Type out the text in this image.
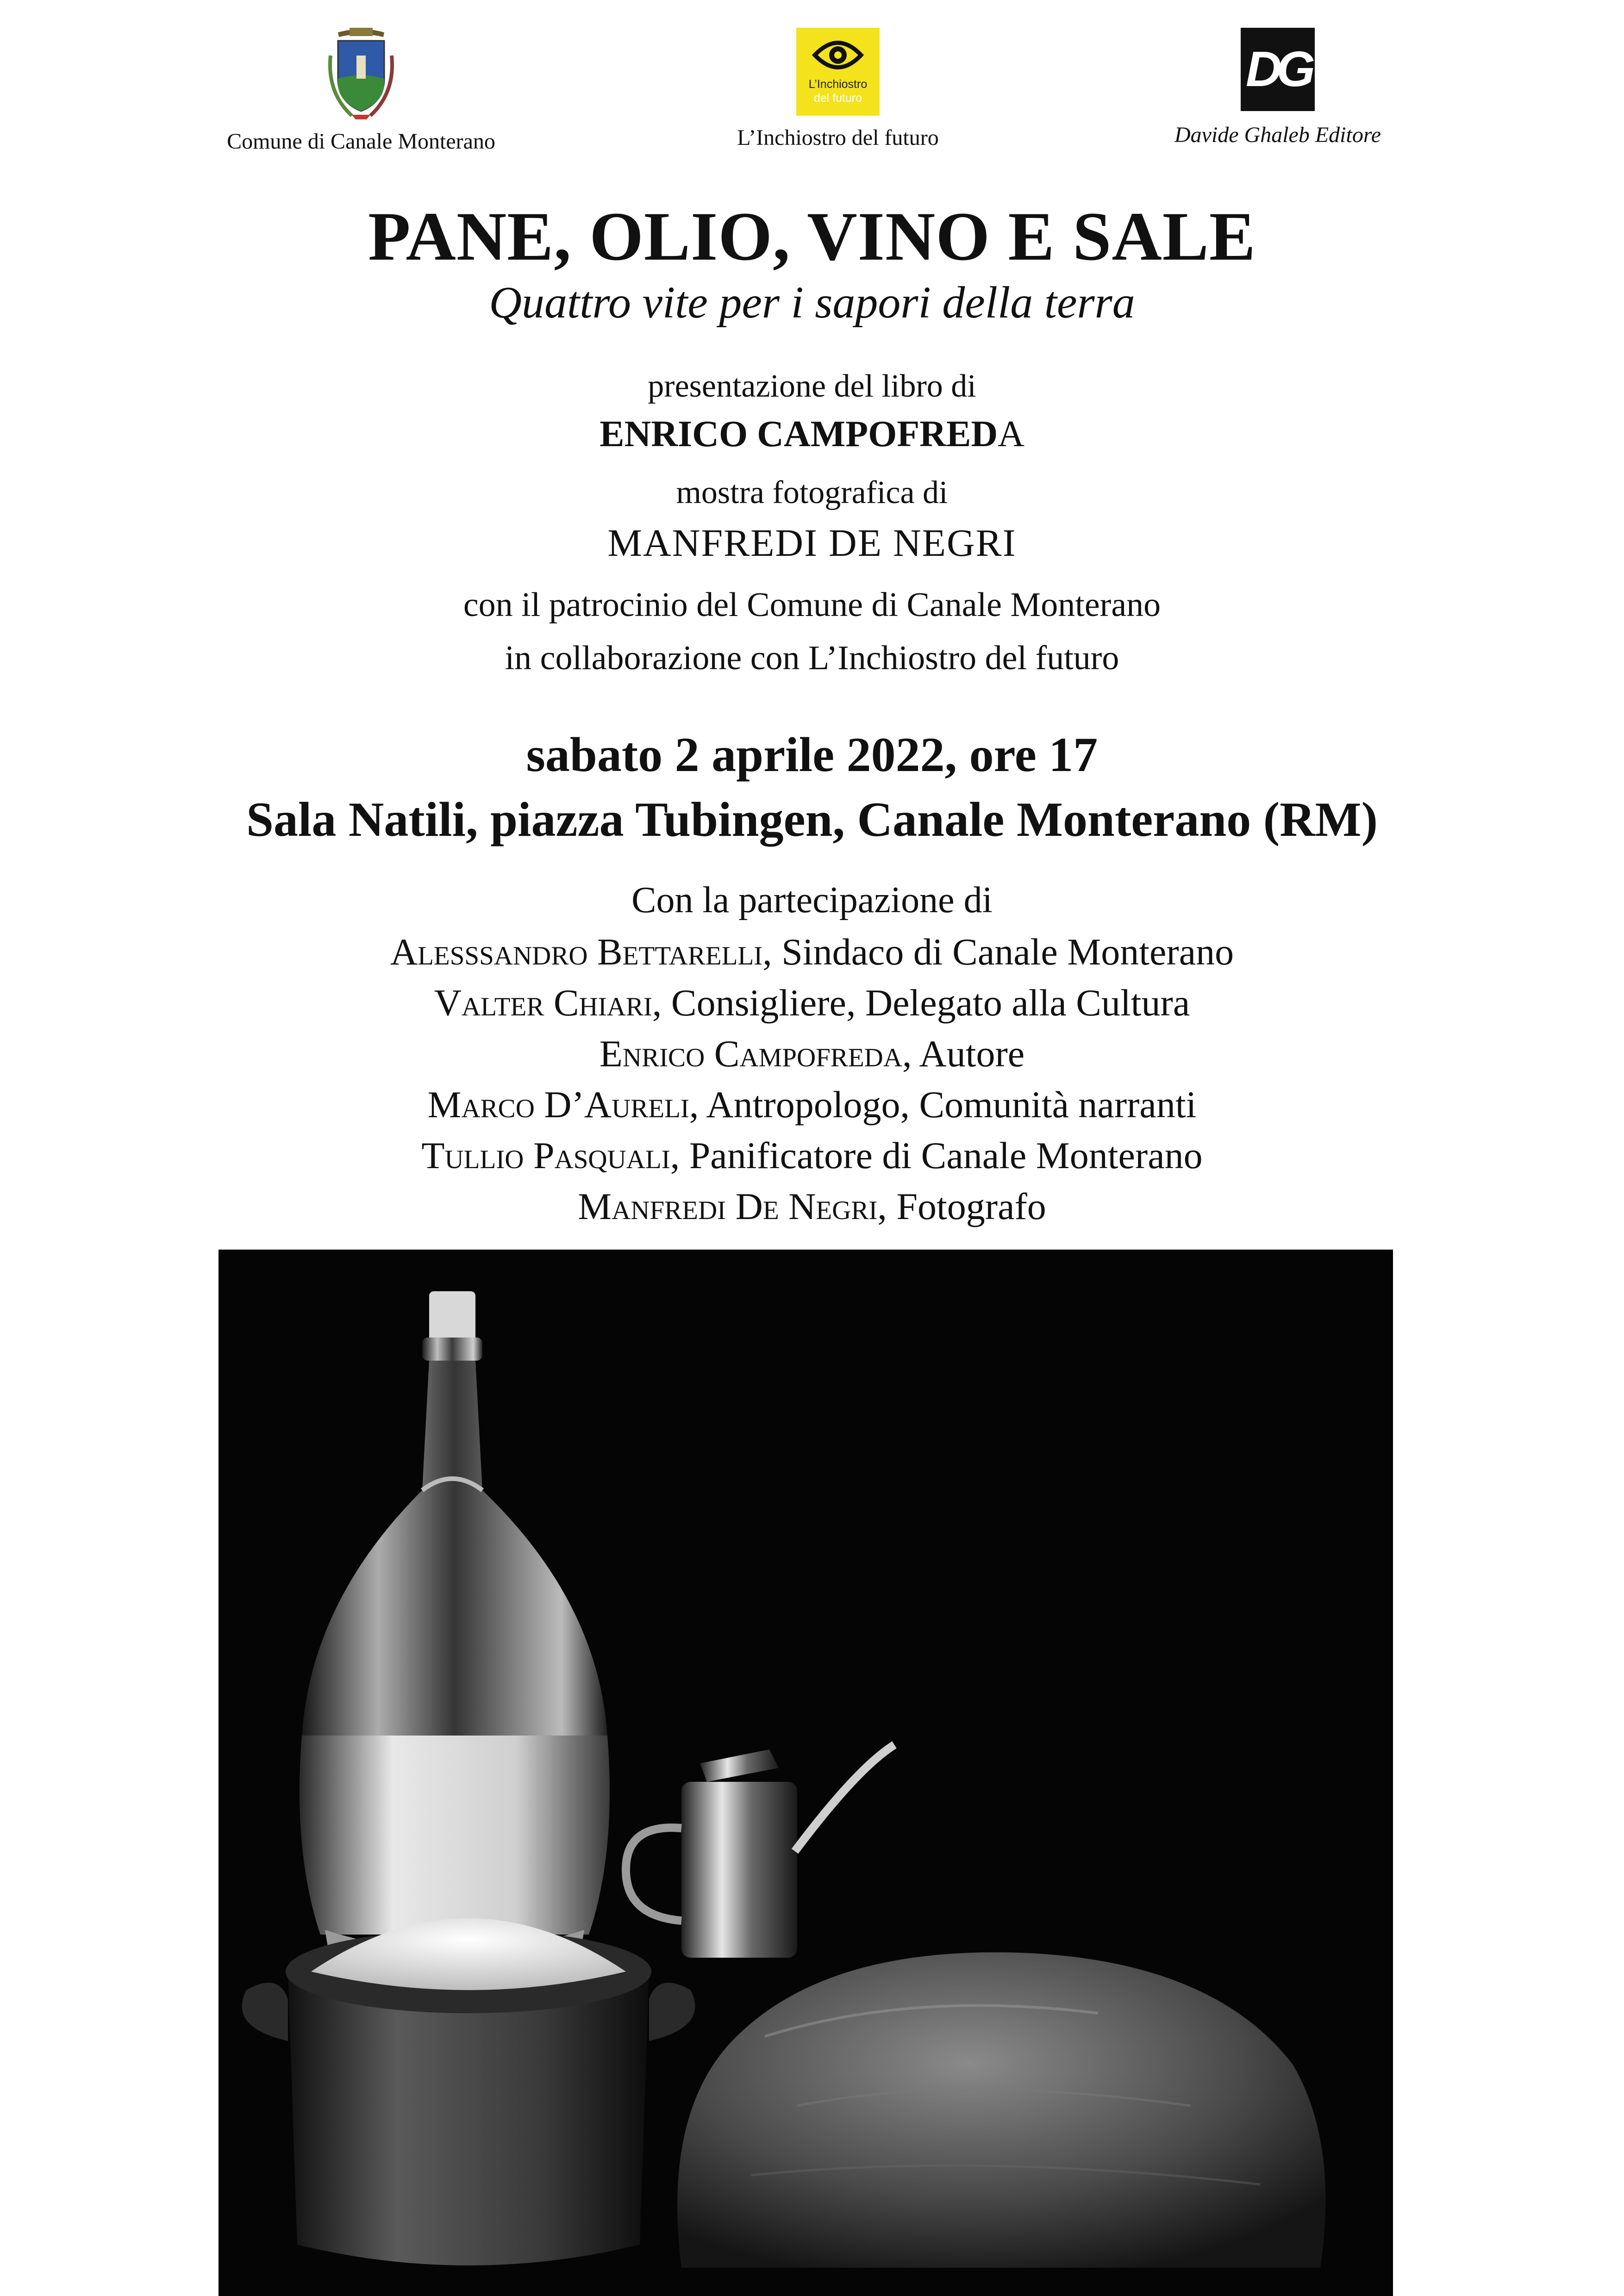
Comune di Canale Monterano
L’Inchiostro
del futuro
L’Inchiostro del futuro
DG
Davide Ghaleb Editore
PANE, OLIO, VINO E SALE
Quattro vite per i sapori della terra
presentazione del libro di
ENRICO CAMPOFREDA
mostra fotografica di
MANFREDI DE NEGRI
con il patrocinio del Comune di Canale Monterano
in collaborazione con L’Inchiostro del futuro
sabato 2 aprile 2022, ore 17
Sala Natili, piazza Tubingen, Canale Monterano (RM)
Con la partecipazione di
Alesssandro Bettarelli, Sindaco di Canale Monterano
Valter Chiari, Consigliere, Delegato alla Cultura
Enrico Campofreda, Autore
Marco D’Aureli, Antropologo, Comunità narranti
Tullio Pasquali, Panificatore di Canale Monterano
Manfredi De Negri, Fotografo
